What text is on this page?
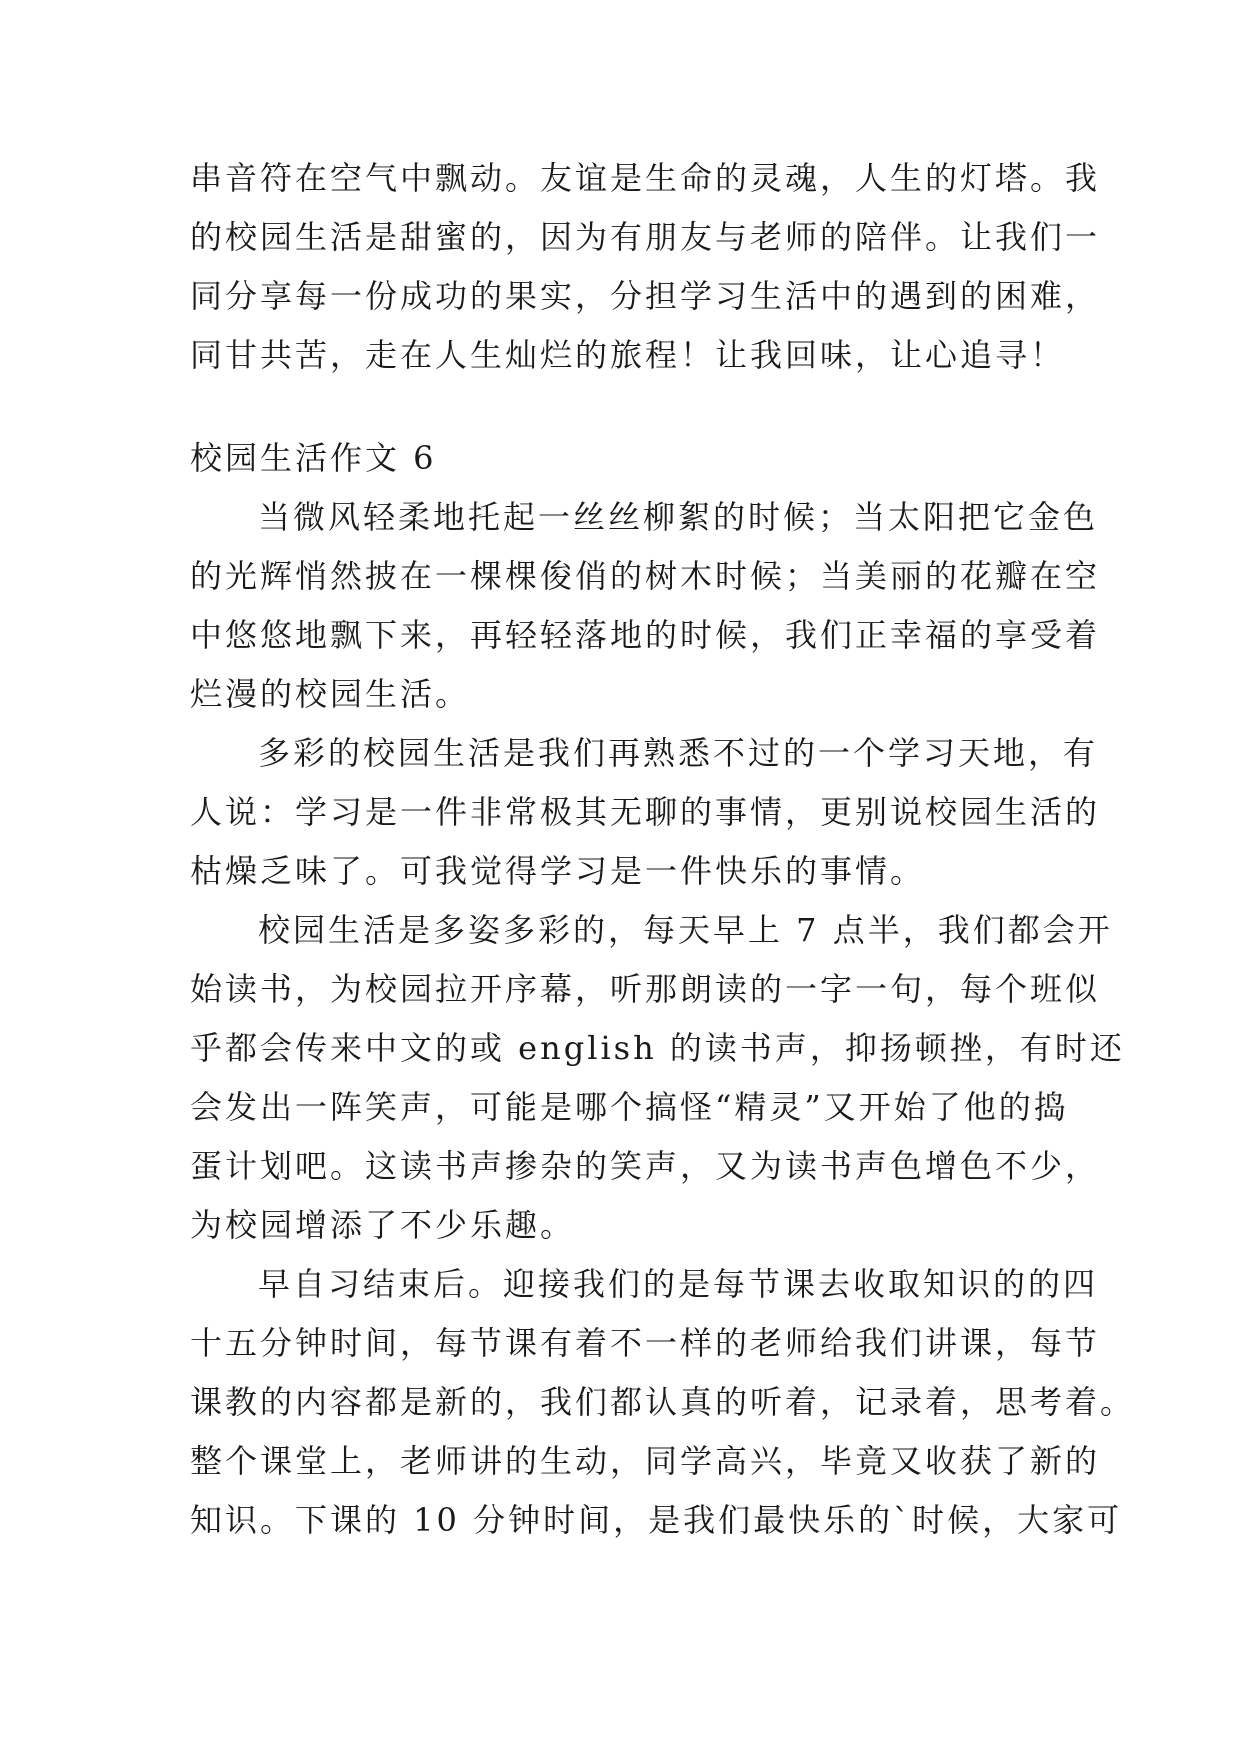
串音符在空气中飘动。友谊是生命的灵魂，人生的灯塔。我
的校园生活是甜蜜的，因为有朋友与老师的陪伴。让我们一
同分享每一份成功的果实，分担学习生活中的遇到的困难，
同甘共苦，走在人生灿烂的旅程！让我回味，让心追寻！
校园生活作文 6
当微风轻柔地托起一丝丝柳絮的时候；当太阳把它金色
的光辉悄然披在一棵棵俊俏的树木时候；当美丽的花瓣在空
中悠悠地飘下来，再轻轻落地的时候，我们正幸福的享受着
烂漫的校园生活。
多彩的校园生活是我们再熟悉不过的一个学习天地，有
人说：学习是一件非常极其无聊的事情，更别说校园生活的
枯燥乏味了。可我觉得学习是一件快乐的事情。
校园生活是多姿多彩的，每天早上 7 点半，我们都会开
始读书，为校园拉开序幕，听那朗读的一字一句，每个班似
乎都会传来中文的或 english 的读书声，抑扬顿挫，有时还
会发出一阵笑声，可能是哪个搞怪“精灵”又开始了他的捣
蛋计划吧。这读书声掺杂的笑声，又为读书声色增色不少，
为校园增添了不少乐趣。
早自习结束后。迎接我们的是每节课去收取知识的的四
十五分钟时间，每节课有着不一样的老师给我们讲课，每节
课教的内容都是新的，我们都认真的听着，记录着，思考着。
整个课堂上，老师讲的生动，同学高兴，毕竟又收获了新的
知识。下课的 10 分钟时间，是我们最快乐的`时候，大家可
